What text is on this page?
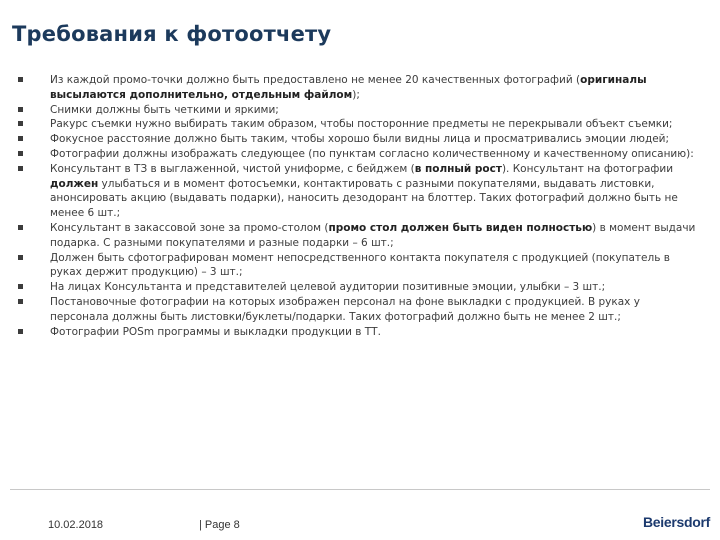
Требования к фотоотчету
Из каждой промо-точки должно быть предоставлено не менее 20 качественных фотографий (оригиналы высылаются дополнительно, отдельным файлом);
Снимки должны быть четкими и яркими;
Ракурс съемки нужно выбирать таким образом, чтобы посторонние предметы не перекрывали объект съемки;
Фокусное расстояние должно быть таким, чтобы хорошо были видны лица и просматривались эмоции людей;
Фотографии должны изображать следующее (по пунктам согласно количественному и качественному описанию):
Консультант в ТЗ в выглаженной, чистой униформе, с бейджем (в полный рост). Консультант на фотографии должен улыбаться и в момент фотосъемки, контактировать с разными покупателями, выдавать листовки, анонсировать акцию (выдавать подарки), наносить дезодорант на блоттер. Таких фотографий должно быть не менее 6 шт.;
Консультант в закассовой зоне за промо-столом (промо стол должен быть виден полностью) в момент выдачи подарка. С разными покупателями и разные подарки – 6 шт.;
Должен быть сфотографирован момент непосредственного контакта покупателя с продукцией (покупатель в руках держит продукцию) – 3 шт.;
На лицах Консультанта и представителей целевой аудитории позитивные эмоции, улыбки – 3 шт.;
Постановочные фотографии на которых изображен персонал на фоне выкладки с продукцией. В руках у персонала должны быть листовки/буклеты/подарки. Таких фотографий должно быть не менее 2 шт.;
Фотографии POSm программы и выкладки продукции в ТТ.
10.02.2018	| Page 8	Beiersdorf
